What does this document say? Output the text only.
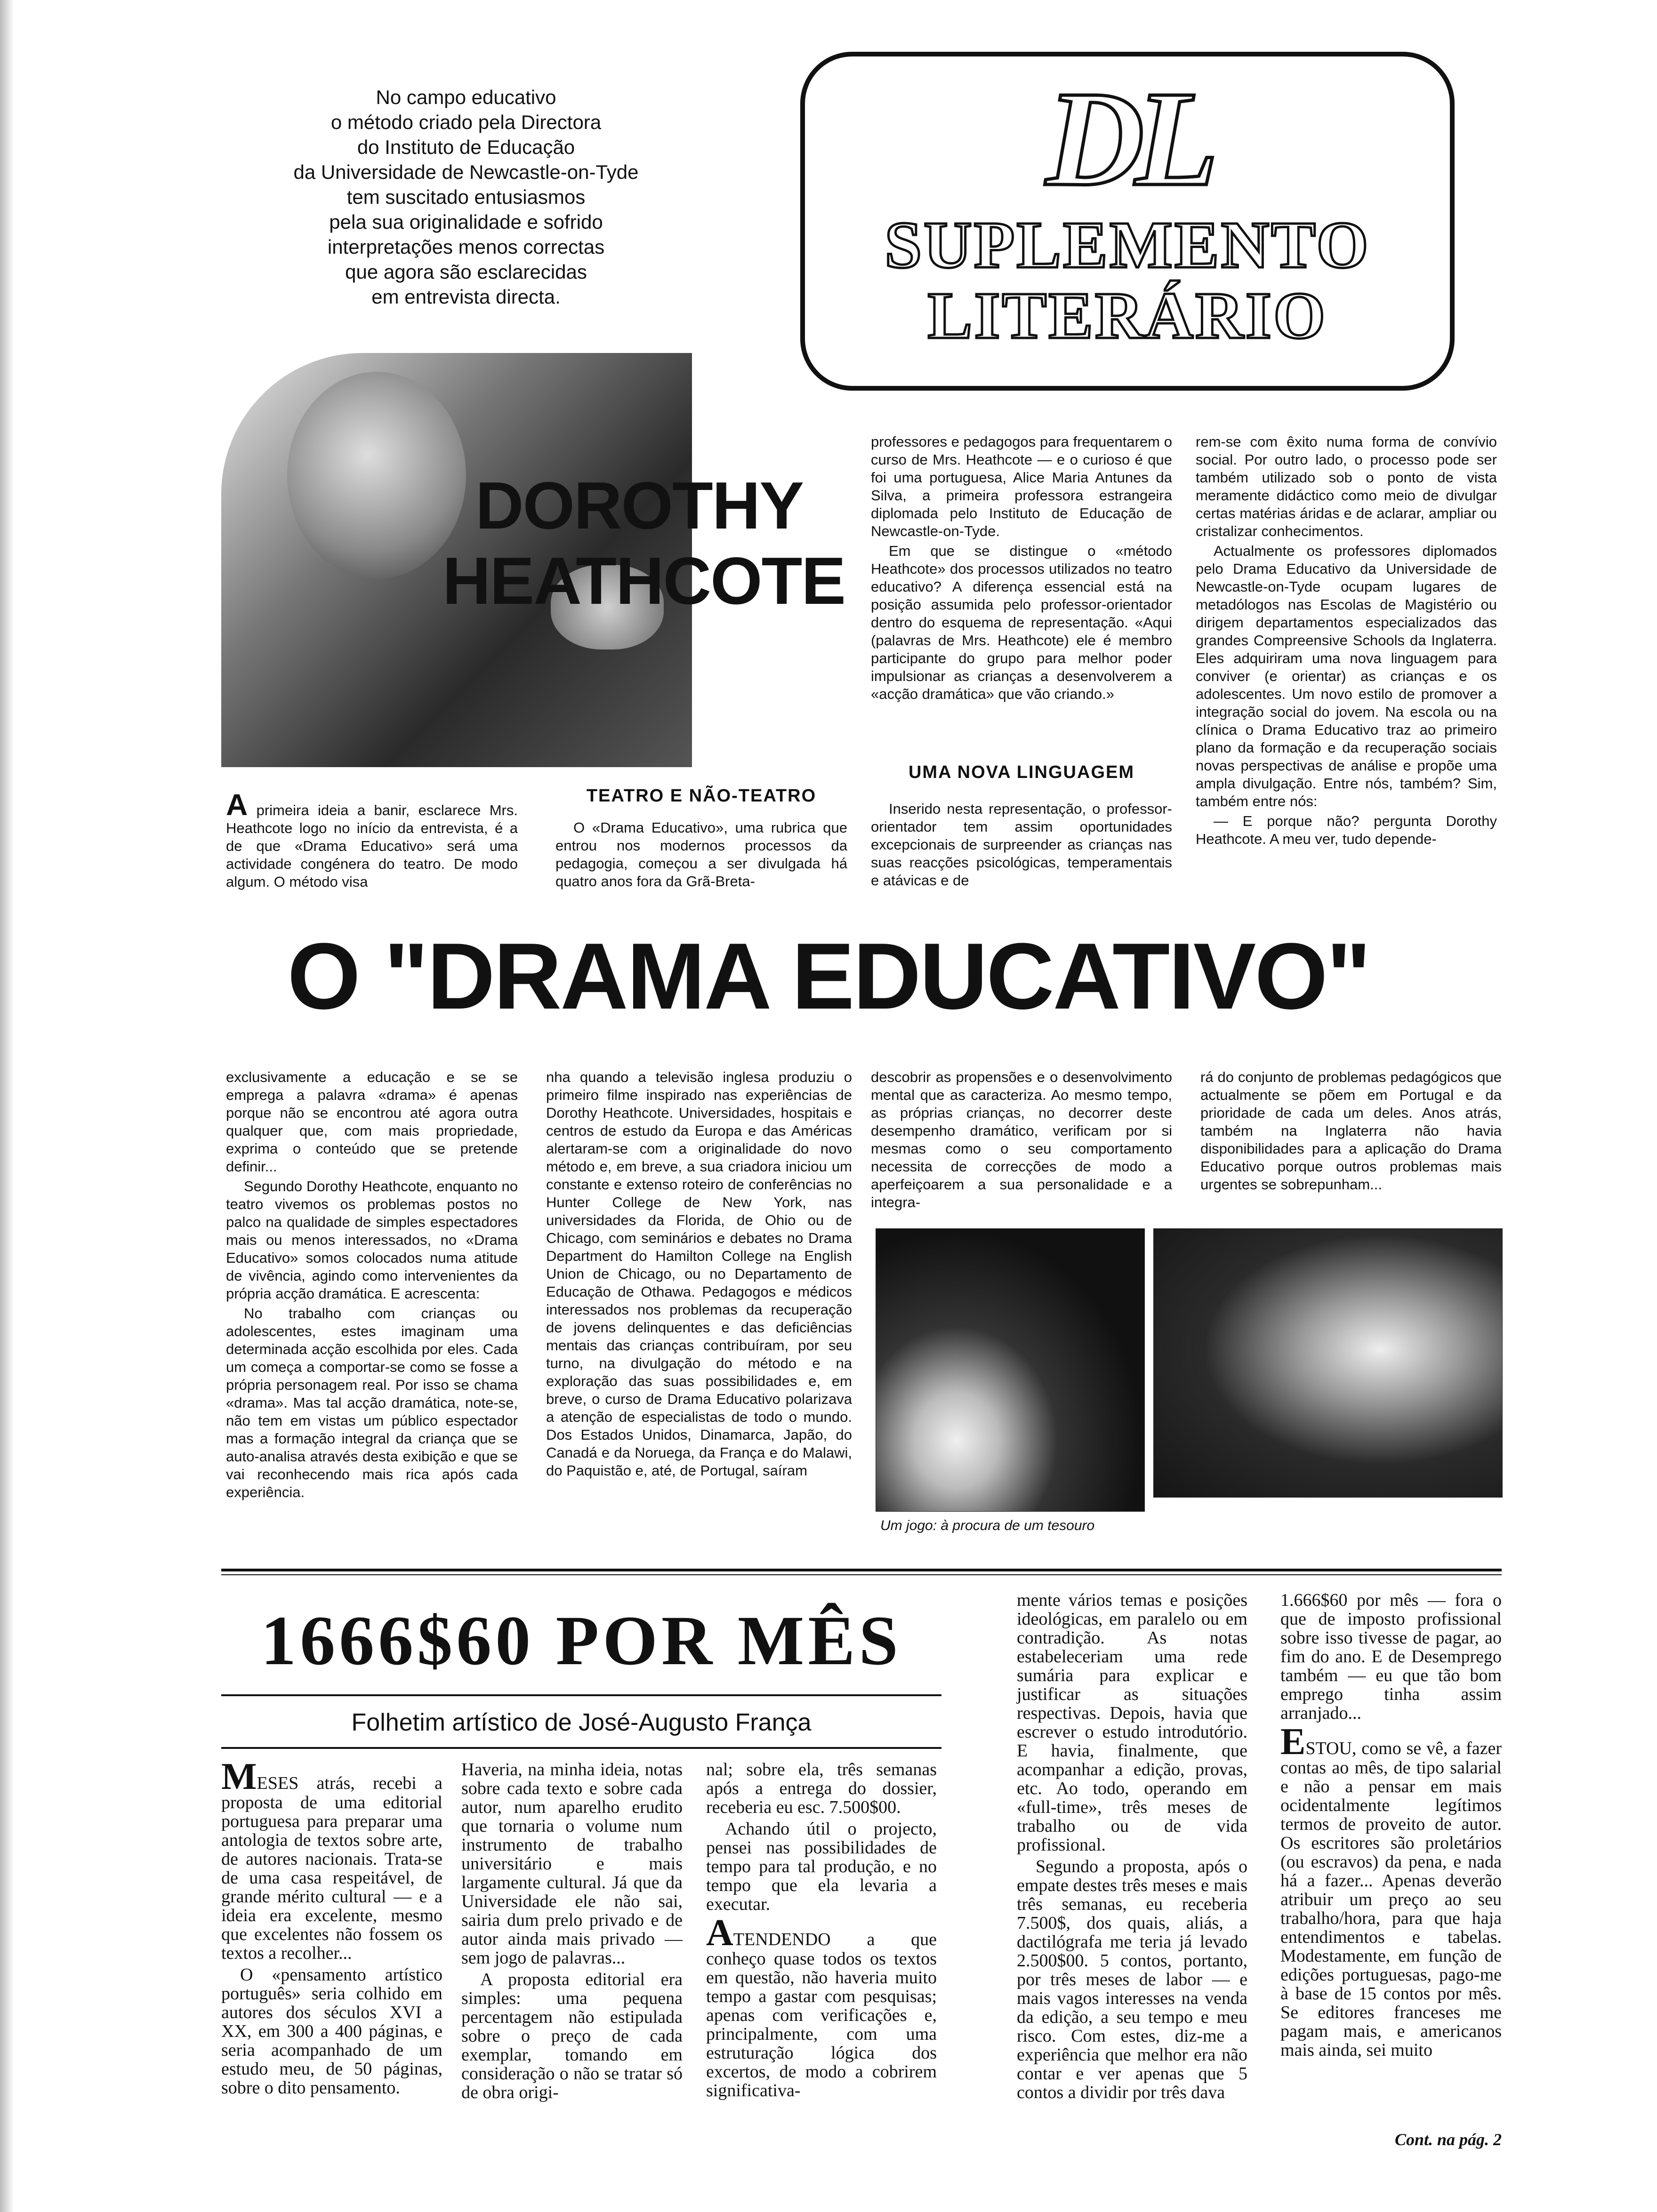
No campo educativo
o método criado pela Directora
do Instituto de Educação
da Universidade de Newcastle-on-Tyde
tem suscitado entusiasmos
pela sua originalidade e sofrido
interpretações menos correctas
que agora são esclarecidas
em entrevista directa.
DL
SUPLEMENTO
LITERÁRIO
DOROTHY
HEATHCOTE

A primeira ideia a banir, esclarece Mrs. Heathcote logo no início da entrevista, é a de que «Drama Educativo» será uma actividade congénera do teatro. De modo algum. O método visa

TEATRO E NÃO-TEATRO

O «Drama Educativo», uma rubrica que entrou nos modernos processos da pedagogia, começou a ser divulgada há quatro anos fora da Grã-Breta-

professores e pedagogos para frequentarem o curso de Mrs. Heathcote — e o curioso é que foi uma portuguesa, Alice Maria Antunes da Silva, a primeira professora estrangeira diplomada pelo Instituto de Educação de Newcastle-on-Tyde.

Em que se distingue o «método Heathcote» dos processos utilizados no teatro educativo? A diferença essencial está na posição assumida pelo professor-orientador dentro do esquema de representação. «Aqui (palavras de Mrs. Heathcote) ele é membro participante do grupo para melhor poder impulsionar as crianças a desenvolverem a «acção dramática» que vão criando.»

UMA NOVA LINGUAGEM

Inserido nesta representação, o professor-orientador tem assim oportunidades excepcionais de surpreender as crianças nas suas reacções psicológicas, temperamentais e atávicas e de

rem-se com êxito numa forma de convívio social. Por outro lado, o processo pode ser também utilizado sob o ponto de vista meramente didáctico como meio de divulgar certas matérias áridas e de aclarar, ampliar ou cristalizar conhecimentos.

Actualmente os professores diplomados pelo Drama Educativo da Universidade de Newcastle-on-Tyde ocupam lugares de metadólogos nas Escolas de Magistério ou dirigem departamentos especializados das grandes Compreensive Schools da Inglaterra. Eles adquiriram uma nova linguagem para conviver (e orientar) as crianças e os adolescentes. Um novo estilo de promover a integração social do jovem. Na escola ou na clínica o Drama Educativo traz ao primeiro plano da formação e da recuperação sociais novas perspectivas de análise e propõe uma ampla divulgação. Entre nós, também? Sim, também entre nós:

— E porque não? pergunta Dorothy Heathcote. A meu ver, tudo depende-

O "DRAMA EDUCATIVO"

exclusivamente a educação e se se emprega a palavra «drama» é apenas porque não se encontrou até agora outra qualquer que, com mais propriedade, exprima o conteúdo que se pretende definir...

Segundo Dorothy Heathcote, enquanto no teatro vivemos os problemas postos no palco na qualidade de simples espectadores mais ou menos interessados, no «Drama Educativo» somos colocados numa atitude de vivência, agindo como intervenientes da própria acção dramática. E acrescenta:

No trabalho com crianças ou adolescentes, estes imaginam uma determinada acção escolhida por eles. Cada um começa a comportar-se como se fosse a própria personagem real. Por isso se chama «drama». Mas tal acção dramática, note-se, não tem em vistas um público espectador mas a formação integral da criança que se auto-analisa através desta exibição e que se vai reconhecendo mais rica após cada experiência.

nha quando a televisão inglesa produziu o primeiro filme inspirado nas experiências de Dorothy Heathcote. Universidades, hospitais e centros de estudo da Europa e das Américas alertaram-se com a originalidade do novo método e, em breve, a sua criadora iniciou um constante e extenso roteiro de conferências no Hunter College de New York, nas universidades da Florida, de Ohio ou de Chicago, com seminários e debates no Drama Department do Hamilton College na English Union de Chicago, ou no Departamento de Educação de Othawa. Pedagogos e médicos interessados nos problemas da recuperação de jovens delinquentes e das deficiências mentais das crianças contribuíram, por seu turno, na divulgação do método e na exploração das suas possibilidades e, em breve, o curso de Drama Educativo polarizava a atenção de especialistas de todo o mundo. Dos Estados Unidos, Dinamarca, Japão, do Canadá e da Noruega, da França e do Malawi, do Paquistão e, até, de Portugal, saíram

descobrir as propensões e o desenvolvimento mental que as caracteriza. Ao mesmo tempo, as próprias crianças, no decorrer deste desempenho dramático, verificam por si mesmas como o seu comportamento necessita de correcções de modo a aperfeiçoarem a sua personalidade e a integra-

rá do conjunto de problemas pedagógicos que actualmente se põem em Portugal e da prioridade de cada um deles. Anos atrás, também na Inglaterra não havia disponibilidades para a aplicação do Drama Educativo porque outros problemas mais urgentes se sobrepunham...

Um jogo: à procura de um tesouro
1666$60 POR MÊS
Folhetim artístico de José-Augusto França

MESES atrás, recebi a proposta de uma editorial portuguesa para preparar uma antologia de textos sobre arte, de autores nacionais. Trata-se de uma casa respeitável, de grande mérito cultural — e a ideia era excelente, mesmo que excelentes não fossem os textos a recolher...

O «pensamento artístico português» seria colhido em autores dos séculos XVI a XX, em 300 a 400 páginas, e seria acompanhado de um estudo meu, de 50 páginas, sobre o dito pensamento.

Haveria, na minha ideia, notas sobre cada texto e sobre cada autor, num aparelho erudito que tornaria o volume num instrumento de trabalho universitário e mais largamente cultural. Já que da Universidade ele não sai, sairia dum prelo privado e de autor ainda mais privado — sem jogo de palavras...

A proposta editorial era simples: uma pequena percentagem não estipulada sobre o preço de cada exemplar, tomando em consideração o não se tratar só de obra origi-

nal; sobre ela, três semanas após a entrega do dossier, receberia eu esc. 7.500$00.

Achando útil o projecto, pensei nas possibilidades de tempo para tal produção, e no tempo que ela levaria a executar.

ATENDENDO a que conheço quase todos os textos em questão, não haveria muito tempo a gastar com pesquisas; apenas com verificações e, principalmente, com uma estruturação lógica dos excertos, de modo a cobrirem significativa-

mente vários temas e posições ideológicas, em paralelo ou em contradição. As notas estabeleceriam uma rede sumária para explicar e justificar as situações respectivas. Depois, havia que escrever o estudo introdutório. E havia, finalmente, que acompanhar a edição, provas, etc. Ao todo, operando em «full-time», três meses de trabalho ou de vida profissional.

Segundo a proposta, após o empate destes três meses e mais três semanas, eu receberia 7.500$, dos quais, aliás, a dactilógrafa me teria já levado 2.500$00. 5 contos, portanto, por três meses de labor — e mais vagos interesses na venda da edição, a seu tempo e meu risco. Com estes, diz-me a experiência que melhor era não contar e ver apenas que 5 contos a dividir por três dava

1.666$60 por mês — fora o que de imposto profissional sobre isso tivesse de pagar, ao fim do ano. E de Desemprego também — eu que tão bom emprego tinha assim arranjado...

ESTOU, como se vê, a fazer contas ao mês, de tipo salarial e não a pensar em mais ocidentalmente legítimos termos de proveito de autor. Os escritores são proletários (ou escravos) da pena, e nada há a fazer... Apenas deverão atribuir um preço ao seu trabalho/hora, para que haja entendimentos e tabelas. Modestamente, em função de edições portuguesas, pago-me à base de 15 contos por mês. Se editores franceses me pagam mais, e americanos mais ainda, sei muito

Cont. na pág. 2
